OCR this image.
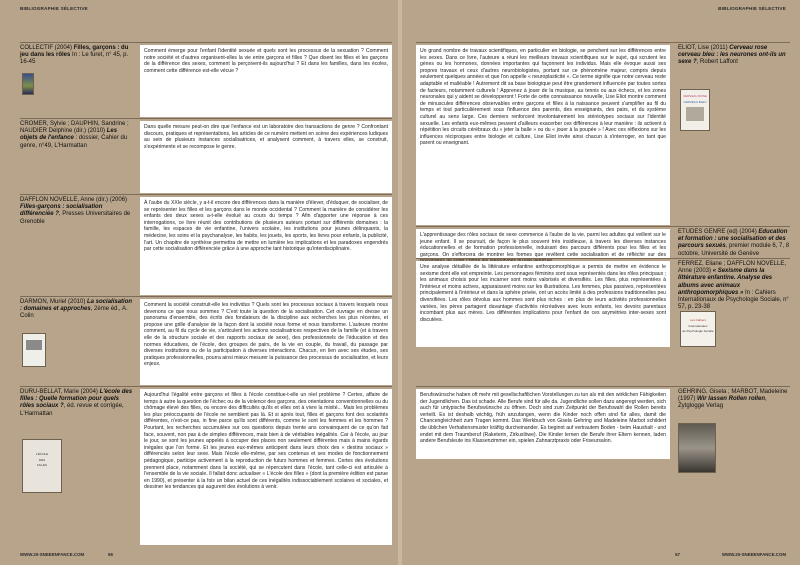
BIBLIOGRAPHIE SÉLECTIVE
COLLECTIF (2004) Filles, garçons : du jeu dans les rôles In : Le furet, n° 45, p. 16-45
Comment émerge pour l'enfant l'identité sexuée et quels sont les processus de la sexuation ? Comment notre société et d'autres organisent-elles la vie entre garçons et filles ? Que disent les filles et les garçons de la différence des sexes, comment la perçoivent-ils aujourd'hui ? Et dans les familles, dans les écoles, comment cette différence est-elle vécue ?
CROMER, Sylvie ; DAUPHIN, Sandrine ; NAUDIER Delphine (dir.) (2010) Les objets de l'enfance : dossier, Cahier du genre, n°49, L'Harmattan
Dans quelle mesure peut-on dire que l'enfance est un laboratoire des transactions de genre ? Confrontant discours, pratiques et représentations, les articles de ce numéro mettent en scène des expériences ludiques au sein de plusieurs instances socialisatrices, et analysent comment, à travers elles, se construit, s'expérimente et se recompose le genre.
DAFFLON NOVELLE, Anne (dir.) (2006) Filles-garçons : socialisation différenciée ?, Presses Universitaires de Grenoble
À l'aube du XXIe siècle, y a-t-il encore des différences dans la manière d'élever, d'éduquer, de socialiser, de se représenter les filles et les garçons dans le monde occidental ? Comment la manière de considérer les enfants des deux sexes a-t-elle évolué au cours du temps ? Afin d'apporter une réponse à ces interrogations, ce livre réunit des contributions de plusieurs auteurs portant sur différents domaines : la famille, les espaces de vie enfantine, l'univers scolaire, les institutions pour jeunes délinquants, la médecine, les soins et la psychanalyse, les habits, les jouets, les sports, les livres pour enfants, la publicité, l'art. Un chapitre de synthèse permettra de mettre en lumière les implications et les paradoxes engendrés par cette socialisation différenciée grâce à une approche tant historique qu'interdisciplinaire.
DARMON, Muriel (2010) La socialisation : domaines et approches, 2ème éd., A. Colin
Comment la société construit-elle les individus ? Quels sont les processus sociaux à travers lesquels nous devenons ce que nous sommes ? C'est toute la question de la socialisation. Cet ouvrage en dresse un panorama d'ensemble, des écrits des fondateurs de la discipline aux recherches les plus récentes, et propose une grille d'analyse de la façon dont la société nous forme et nous transforme. L'auteure montre comment, au fil du cycle de vie, s'articulent les actions socialisatrices respectives de la famille (et à travers elle de la structure sociale et des rapports sociaux de sexe), des professionnels de l'éducation et des normes éducatives, de l'école, des groupes de pairs, de la vie en couple, du travail, du passage par diverses institutions ou de la participation à diverses interactions. Chacun, en lien avec ses études, ses pratiques professionnelles, pourra ainsi mieux mesurer la puissance des processus de socialisation, et leurs enjeux.
DURU-BELLAT, Marie (2004) L'école des filles : Quelle formation pour quels rôles sociaux ?, éd. revue et corrigée, L'Harmattan
L'ÉCOLE
DES
FILLES
Aujourd'hui l'égalité entre garçons et filles à l'école constitue-t-elle un réel problème ? Certes, affaire de temps à autre la question de l'échec ou de la violence des garçons, des orientations conventionnelles ou du chômage élevé des filles, ou encore des difficultés qu'ils et elles ont à vivre la mixité... Mais les problèmes les plus préoccupants de l'école ne semblent pas là. Et si après tout, filles et garçons font des scolarités différentes, n'est-ce pas, in fine parce qu'ils sont différents, comme le sont les femmes et les hommes ? Pourtant, les recherches accumulées sur ces questions depuis trente ans convainquent de ce qu'on fait face, souvent, non pas à de simples différences, mais bien à de véritables inégalités. Car à l'école, au jour le jour, se sont les jeunes appelés à occuper des places non seulement différentes mais à mains égards inégales que l'on forme. Et les jeunes eux-mêmes anticipent dans leurs choix des « destins sociaux » différenciés selon leur sexe. Mais l'école elle-même, par ses contenus et ses modes de fonctionnement pédagogique, participe activement à la reproduction de futurs hommes et femmes. Certes des évolutions prennent place, notamment dans la société, qui se répercutent dans l'école, tant celle-ci est articulée à l'ensemble de la vie sociale. Il fallait donc actualiser « L'école des filles » (dont la première édition est parue en 1990), et présenter à la fois un bilan actuel de ces inégalités indissociablement scolaires et sociales, et dessiner les tendances qui augurent des évolutions à venir.
WWW.20-SNEEENFANCE.COM	56
BIBLIOGRAPHIE SÉLECTIVE
Un grand nombre de travaux scientifiques, en particulier en biologie, se penchent sur les différences entre les sexes. Dans ce livre, l'auteure a réuni les meilleurs travaux scientifiques sur le sujet, qui scrutent les gènes ou les hormones, données importantes qui façonnent les individus. Mais elle évoque aussi ses propres travaux et ceux d'autres neurobiologistes, portant sur ce phénomène majeur, compris depuis seulement quelques années et que l'on appelle « neuroplasticité ». Ce terme signifie que notre cerveau reste adaptable et malléable ! Autrement dit sa base biologique peut être grandement influencée par toutes sortes de facteurs, notamment culturels ! Apprenez à jouer de la musique, au tennis ou aux échecs, et les zones neuronales qui y aident se développeront ! Forte de cette connaissance nouvelle, Lise Eliot montre comment de minuscules différences observables entre garçons et filles à la naissance peuvent s'amplifier au fil du temps et tout particulièrement sous l'influence des parents, des enseignants, des pairs, et du système culturel au sens large. Ces derniers renforcent involontairement les stéréotypes sociaux sur l'identité sexuelle. Les enfants eux-mêmes peuvent d'ailleurs exacerber ces différences à leur manière : ils activent à répétition les circuits cérébraux du « jeter la balle » ou du « jouer à la poupée » ! Avec ces réflexions sur les influences réciproques entre biologie et culture, Lise Eliot invite ainsi chacun à s'interroger, en tant que parent ou enseignant.
ELIOT, Lise (2011) Cerveau rose cerveau bleu : les neurones ont-ils un sexe ?, Robert Laffont
CERVEAU ROSE
CERVEAU BLEU
L'apprentissage des rôles sociaux de sexe commence à l'aube de la vie, parmi les adultes qui veillent sur le jeune enfant. Il se poursuit, de façon le plus souvent très insidieuse, à travers les diverses instances éducationnelles et de formation professionnelle, induisant des parcours différents pour les filles et les garçons. On s'efforcera de montrer les formes que revêtent cette socialisation et de réfléchir sur des
ETUDES GENRE (ed) (2004) Education et formation : une socialisation et des parcours sexués, premier module 6, 7, 8 octobre, Université de Genève
Une analyse détaillée de la littérature enfantine anthropomorphique a permis de mettre en évidence le sexisme dont elle est empreinte. Les personnages féminins sont sous représentés dans les rôles principaux ; les animaux choisis pour les incarner sont moins valorisés et diversifiés. Les filles, plus représentées à l'intérieur et moins actives, apparaissent moins sur les illustrations. Les femmes, plus passives, représentées principalement à l'intérieur et dans la sphère privée, ont un accès limité à des professions traditionnelles peu diversifiées. Les rôles dévolus aux hommes sont plus riches : en plus de leurs activités professionnelles variées, les pères partagent davantage d'activités récréatives avec leurs enfants, les devoirs parentaux incombant plus aux mères. Les différentes implications pour l'enfant de ces asymétries inter-sexes sont discutées.
FERREZ, Eliane ; DAFFLON NOVELLE, Anne (2003) « Sexisme dans la littérature enfantine. Analyse des albums avec animaux anthropomorphiques » In : Cahiers Internationaux de Psychologie Sociale, n° 57, p. 23-38
Les Cahiers
Internationaux
de Psychologie Sociale
Berufswünsche haben oft mehr mit gesellschaftlichen Vorstellungen zu tun als mit den wirklichen Fähigkeiten der Jugendlichen. Das ist schade. Alle Berufe sind für alle da. Jugendliche sollen dazu angeregt werden, sich auch für untypische Berufswünsche zu öffnen. Doch sind zum Zeitpunkt der Berufswahl die Rollen bereits verteilt. Es ist deshalb wichtig, früh anzufangen, wenn die Kinder noch offen sind für alles, damit die Chancengleichheit zum Tragen kommt. Das Werkbuch von Gisela Gehring und Madeleine Marbot schildert die üblichen Verhaltensmuster kräftig durcheinander. Es beginnt auf vertrautem Boden - beim Haushalt - und endet mit dem Traumberuf (Raketerin, Zirkuslöwe). Die Kinder lernen die Berufe ihrer Eltern kennen, laden andere Berufsleute ins Klassenzimmer ein, spielen Zahnarztpraxis oder Friseursalon.
GEHRING, Gisela ; MARBOT, Madeleine (1997) Wir lassen Rollen rollen, Zytglogge Verlag
57	WWW.20-SNEEENFANCE.COM
